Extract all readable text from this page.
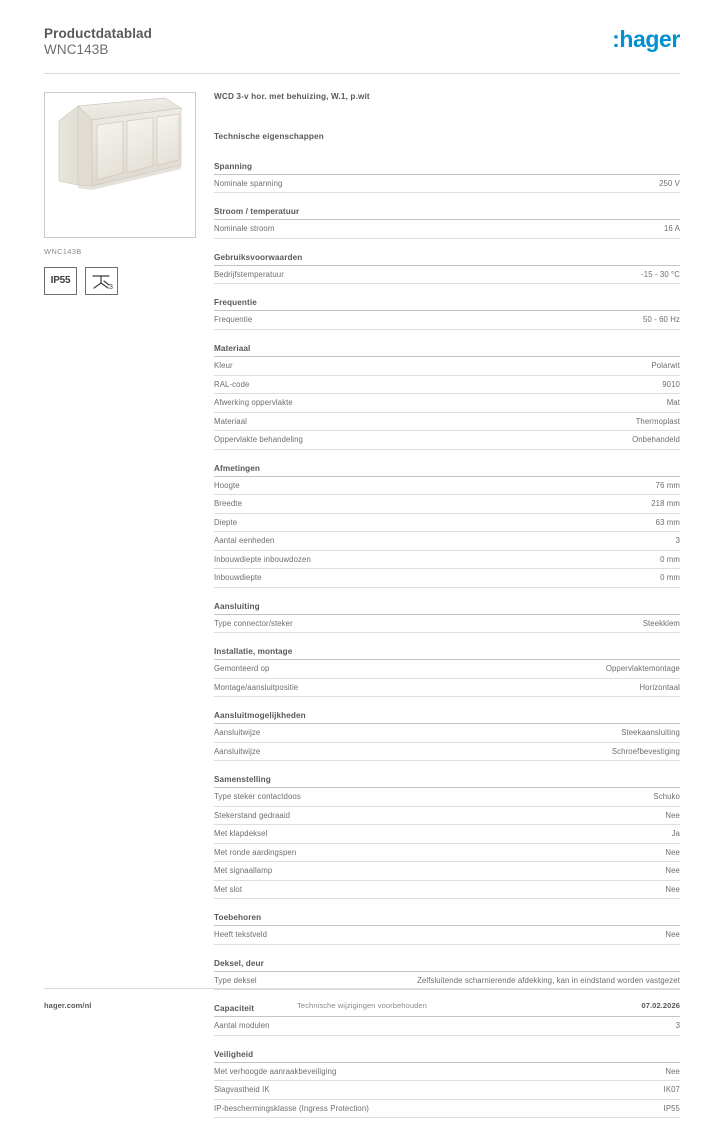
Productdatablad
WNC143B	:hager
WNC143B
IP55
3
WCD 3-v hor. met behuizing, W.1, p.wit
Technische eigenschappen
Spanning
Nominale spanning	250 V
Stroom / temperatuur
Nominale stroom	16 A
Gebruiksvoorwaarden
Bedrijfstemperatuur	-15 - 30 °C
Frequentie
Frequentie	50 - 60 Hz
Materiaal
Kleur	Polarwit
RAL-code	9010
Afwerking oppervlakte	Mat
Materiaal	Thermoplast
Oppervlakte behandeling	Onbehandeld
Afmetingen
Hoogte	76 mm
Breedte	218 mm
Diepte	63 mm
Aantal eenheden	3
Inbouwdiepte inbouwdozen	0 mm
Inbouwdiepte	0 mm
Aansluiting
Type connector/steker	Steekklem
Installatie, montage
Gemonteerd op	Oppervlaktemontage
Montage/aansluitpositie	Horizontaal
Aansluitmogelijkheden
Aansluitwijze	Steekaansluiting
Aansluitwijze	Schroefbevestiging
Samenstelling
Type steker contactdoos	Schuko
Stekerstand gedraaid	Nee
Met klapdeksel	Ja
Met ronde aardingspen	Nee
Met signaallamp	Nee
Met slot	Nee
Toebehoren
Heeft tekstveld	Nee
Deksel, deur
Type deksel	Zelfsluitende scharnierende afdekking, kan in eindstand worden vastgezet
Capaciteit
Aantal modulen	3
Veiligheid
Met verhoogde aanraakbeveiliging	Nee
Slagvastheid IK	IK07
IP-beschermingsklasse (Ingress Protection)	IP55
hager.com/nl	Technische wijzigingen voorbehouden	07.02.2026
